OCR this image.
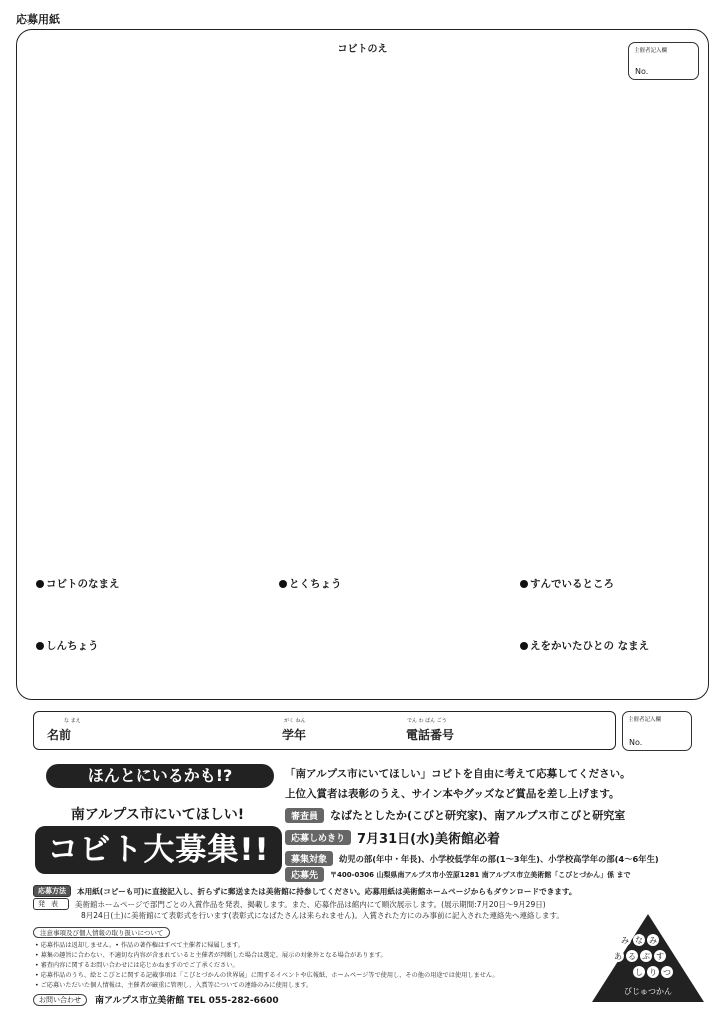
応募用紙
コビトのえ	主催者記入欄
No.
コビトのなまえ	とくちょう	すんでいるところ
しんちょう	えをかいたひとの なまえ
な まえ
名前
がく ねん
学年
でん わ ばん ごう
電話番号
主催者記入欄
No.
ほんとにいるかも!?
南アルプス市にいてほしい!
コビト大募集!!
「南アルプス市にいてほしい」コビトを自由に考えて応募してください。
上位入賞者は表彰のうえ、サイン本やグッズなど賞品を差し上げます。
審査員	なばたとしたか(こびと研究家)、南アルプス市こびと研究室
応募しめきり 7月31日(水)美術館必着
募集対象	幼児の部(年中・年長)、小学校低学年の部(1〜3年生)、小学校高学年の部(4〜6年生)
応募先	〒400-0306 山梨県南アルプス市小笠原1281 南アルプス市立美術館「こびとづかん」係 まで
応募方法	本用紙(コピーも可)に直接記入し、折らずに郵送または美術館に持参してください。応募用紙は美術館ホームページからもダウンロードできます。
発表	美術館ホームページで部門ごとの入賞作品を発表、掲載します。また、応募作品は館内にて順次展示します。(展示期間:7月20日〜9月29日)
8月24日(土)に美術館にて表彰式を行います(表彰式になばたさんは来られません)。入賞された方にのみ事前に記入された連絡先へ連絡します。
注意事項及び個人情報の取り扱いについて
• 応募作品は返却しません。• 作品の著作権はすべて主催者に帰属します。
• 募集の趣旨に合わない、不適切な内容が含まれていると主催者が判断した場合は選定、展示の対象外となる場合があります。
• 審査内容に関するお問い合わせには応じかねますのでご了承ください。
• 応募作品のうち、絵とこびとに関する記載事項は「こびとづかんの世界展」に関するイベントや広報紙、ホームページ等で使用し、その他の用途では使用しません。
• ご応募いただいた個人情報は、主催者が厳重に管理し、入賞等についての連絡のみに使用します。
お問い合わせ	南アルプス市立美術館 TEL 055-282-6600
み な み
あ る ぷ す
し り つ
びじゅつかん
